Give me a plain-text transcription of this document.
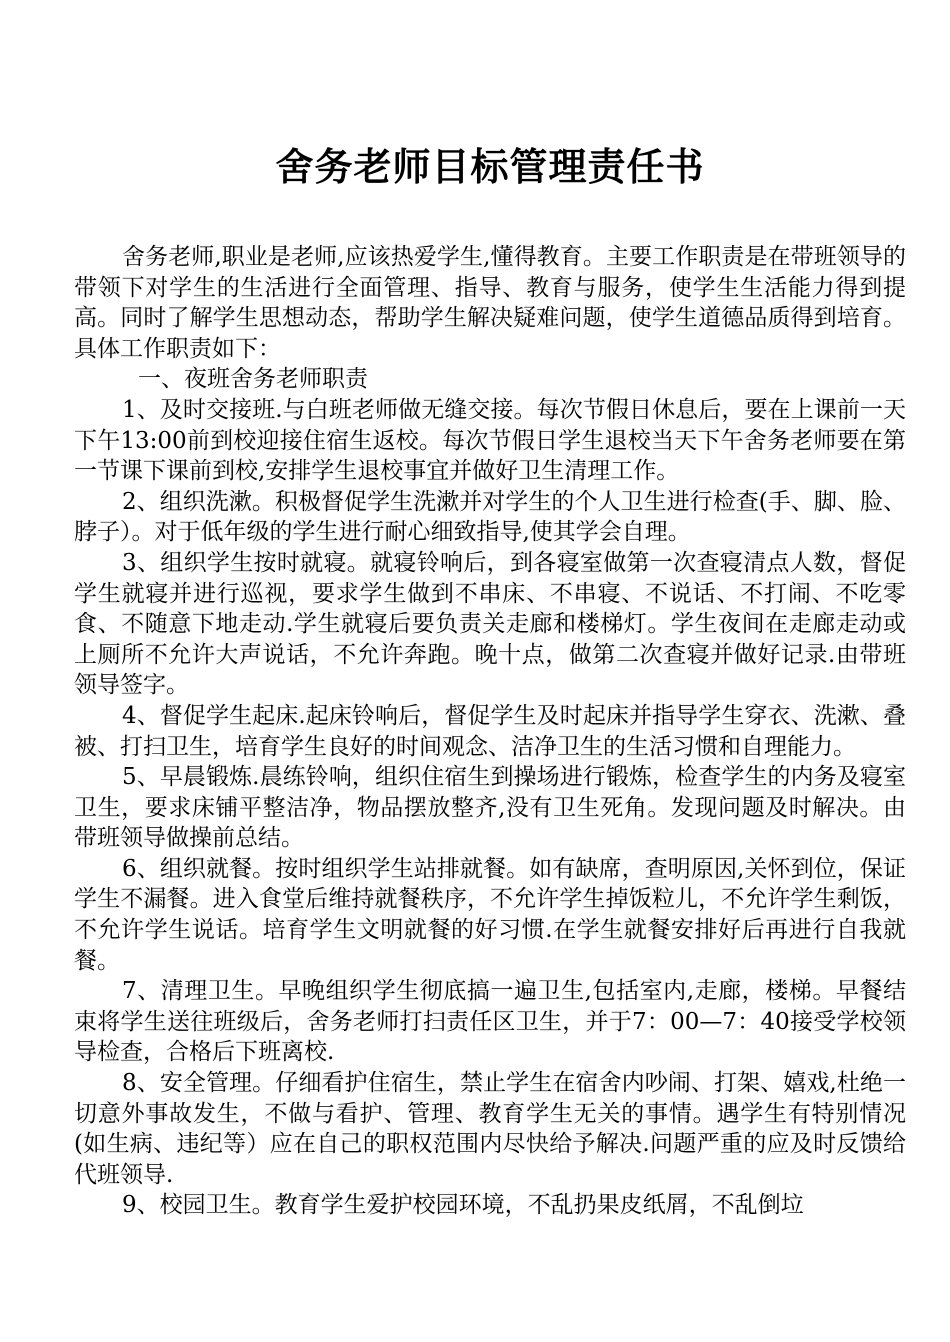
舍务老师目标管理责任书

舍务老师,职业是老师,应该热爱学生,懂得教育。主要工作职责是在带班领导的带领下对学生的生活进行全面管理、指导、教育与服务，使学生生活能力得到提高。同时了解学生思想动态，帮助学生解决疑难问题，使学生道德品质得到培育。具体工作职责如下：

一、夜班舍务老师职责

1、及时交接班.与白班老师做无缝交接。每次节假日休息后，要在上课前一天下午13:00前到校迎接住宿生返校。每次节假日学生退校当天下午舍务老师要在第一节课下课前到校,安排学生退校事宜并做好卫生清理工作。

2、组织洗漱。积极督促学生洗漱并对学生的个人卫生进行检查(手、脚、脸、脖子）。对于低年级的学生进行耐心细致指导,使其学会自理。

3、组织学生按时就寝。就寝铃响后，到各寝室做第一次查寝清点人数，督促学生就寝并进行巡视，要求学生做到不串床、不串寝、不说话、不打闹、不吃零食、不随意下地走动.学生就寝后要负责关走廊和楼梯灯。学生夜间在走廊走动或上厕所不允许大声说话，不允许奔跑。晚十点，做第二次查寝并做好记录.由带班领导签字。

4、督促学生起床.起床铃响后，督促学生及时起床并指导学生穿衣、洗漱、叠被、打扫卫生，培育学生良好的时间观念、洁净卫生的生活习惯和自理能力。

5、早晨锻炼.晨练铃响，组织住宿生到操场进行锻炼，检查学生的内务及寝室卫生，要求床铺平整洁净，物品摆放整齐,没有卫生死角。发现问题及时解决。由带班领导做操前总结。

6、组织就餐。按时组织学生站排就餐。如有缺席，查明原因,关怀到位，保证学生不漏餐。进入食堂后维持就餐秩序，不允许学生掉饭粒儿，不允许学生剩饭，不允许学生说话。培育学生文明就餐的好习惯.在学生就餐安排好后再进行自我就餐。

7、清理卫生。早晚组织学生彻底搞一遍卫生,包括室内,走廊，楼梯。早餐结束将学生送往班级后，舍务老师打扫责任区卫生，并于7：00—7：40接受学校领导检查，合格后下班离校.

8、安全管理。仔细看护住宿生，禁止学生在宿舍内吵闹、打架、嬉戏,杜绝一切意外事故发生，不做与看护、管理、教育学生无关的事情。遇学生有特别情况(如生病、违纪等）应在自己的职权范围内尽快给予解决.问题严重的应及时反馈给代班领导.

9、校园卫生。教育学生爱护校园环境，不乱扔果皮纸屑，不乱倒垃
